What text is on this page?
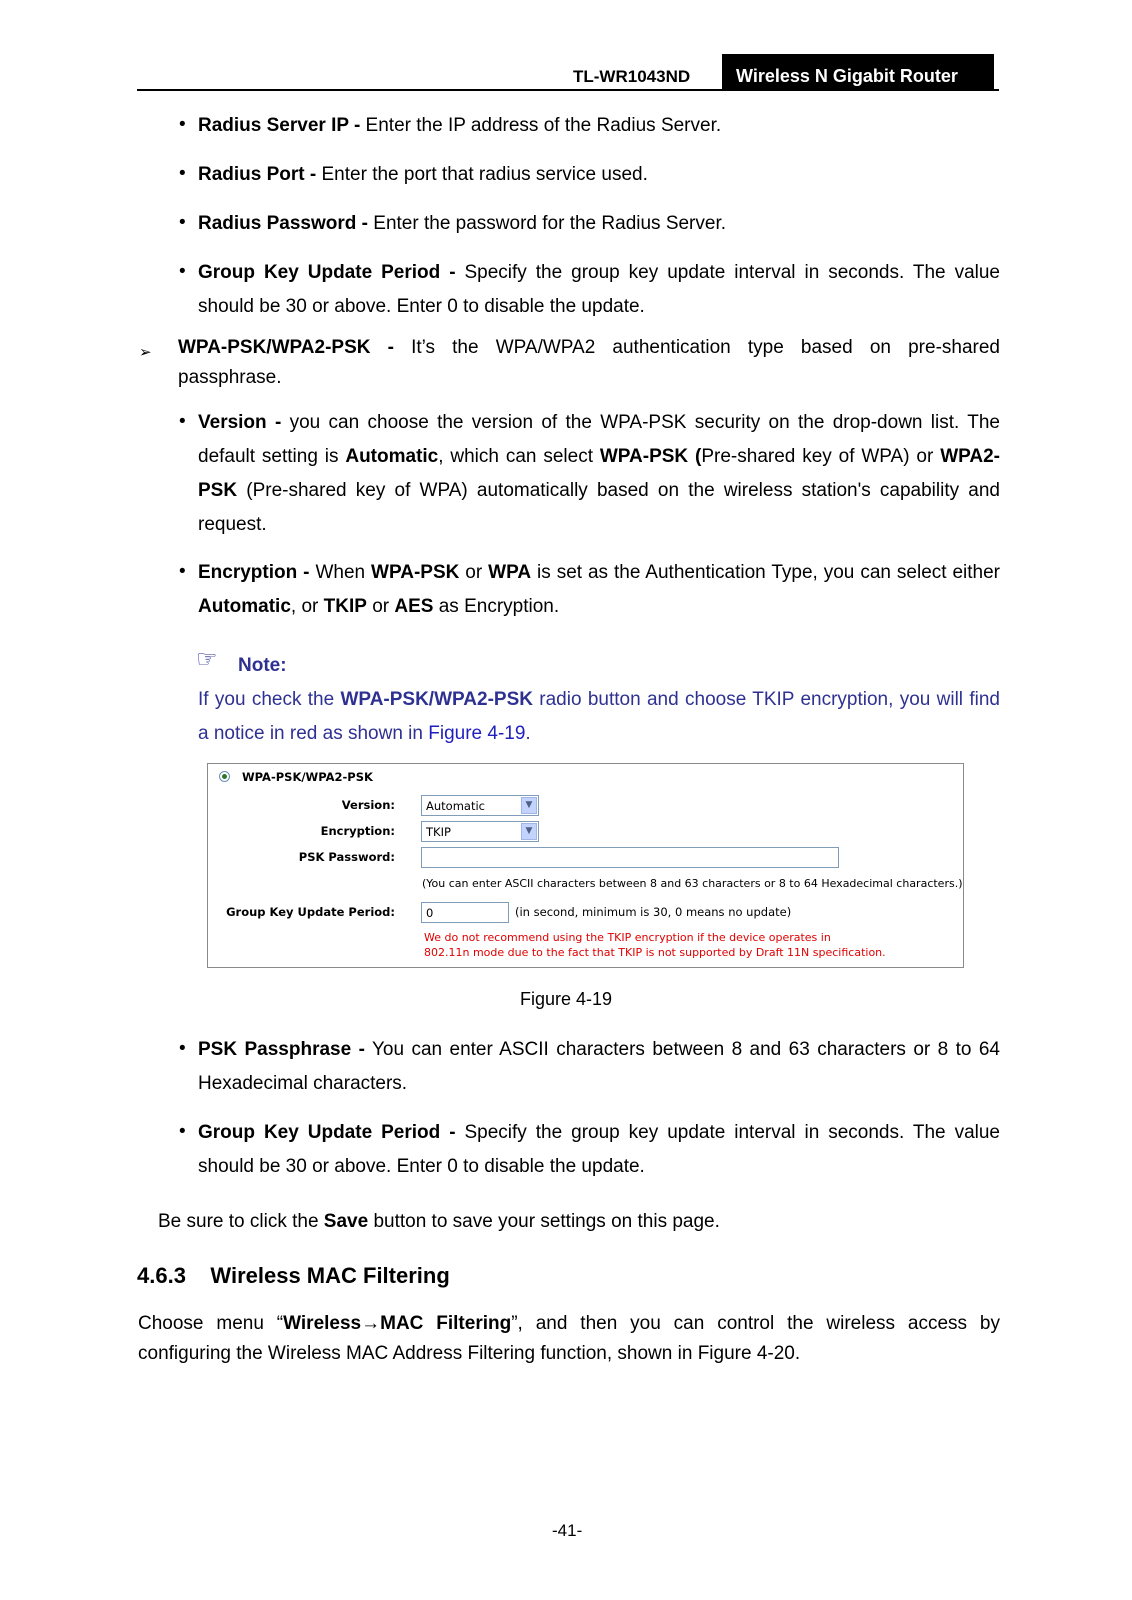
TL-WR1043ND	Wireless N Gigabit Router
• Radius Server IP - Enter the IP address of the Radius Server.
• Radius Port - Enter the port that radius service used.
• Radius Password - Enter the password for the Radius Server.
• Group Key Update Period - Specify the group key update interval in seconds. The value should be 30 or above. Enter 0 to disable the update.
➢ WPA-PSK/WPA2-PSK - It’s the WPA/WPA2 authentication type based on pre-shared passphrase.
• Version - you can choose the version of the WPA-PSK security on the drop-down list. The default setting is Automatic, which can select WPA-PSK (Pre-shared key of WPA) or WPA2-PSK (Pre-shared key of WPA) automatically based on the wireless station's capability and request.
• Encryption - When WPA-PSK or WPA is set as the Authentication Type, you can select either Automatic, or TKIP or AES as Encryption.
☞ Note:
If you check the WPA-PSK/WPA2-PSK radio button and choose TKIP encryption, you will find a notice in red as shown in Figure 4-19.
WPA-PSK/WPA2-PSK
Version:	Automatic	▼
Encryption:	TKIP	▼
PSK Password:
(You can enter ASCII characters between 8 and 63 characters or 8 to 64 Hexadecimal characters.)
Group Key Update Period:	0	(in second, minimum is 30, 0 means no update)
We do not recommend using the TKIP encryption if the device operates in
802.11n mode due to the fact that TKIP is not supported by Draft 11N specification.
Figure 4-19
• PSK Passphrase - You can enter ASCII characters between 8 and 63 characters or 8 to 64 Hexadecimal characters.
• Group Key Update Period - Specify the group key update interval in seconds. The value should be 30 or above. Enter 0 to disable the update.
Be sure to click the Save button to save your settings on this page.
4.6.3    Wireless MAC Filtering
Choose menu “Wireless→MAC Filtering”, and then you can control the wireless access by configuring the Wireless MAC Address Filtering function, shown in Figure 4-20.
-41-
